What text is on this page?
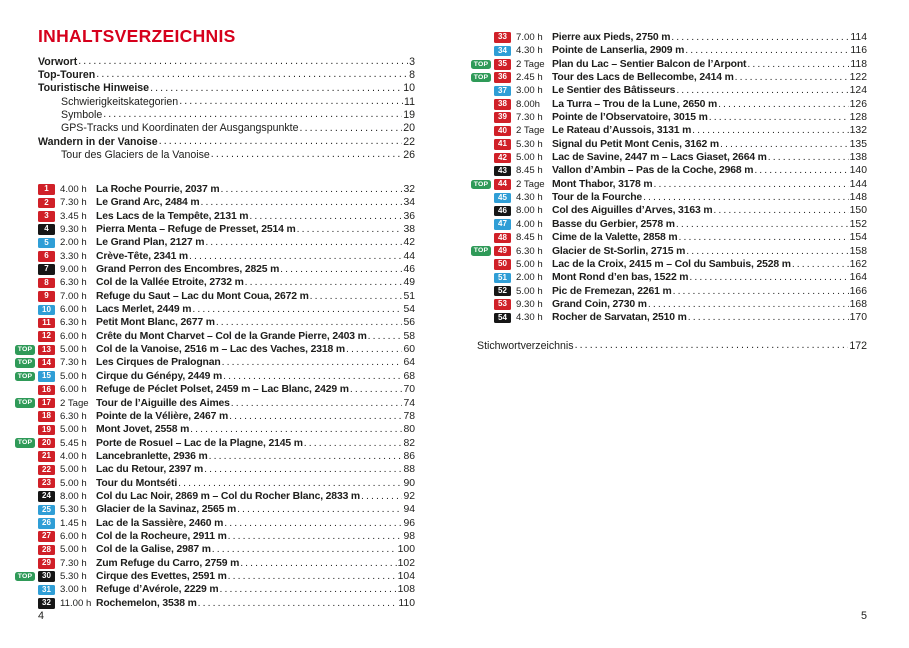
INHALTSVERZEICHNIS
Vorwort .....	3
Top-Touren .....	8
Touristische Hinweise .....	10
Schwierigkeitskategorien .....	11
Symbole .....	19
GPS-Tracks und Koordinaten der Ausgangspunkte .....	20
Wandern in der Vanoise .....	22
Tour des Glaciers de la Vanoise .....	26
1	4.00 h La Roche Pourrie, 2037 m .....	32
2	7.30 h Le Grand Arc, 2484 m .....	34
3	3.45 h Les Lacs de la Tempête, 2131 m .....	36
4	9.30 h Pierra Menta – Refuge de Presset, 2514 m .....	38
5	2.00 h Le Grand Plan, 2127 m .....	42
6	3.30 h Crève-Tête, 2341 m .....	44
7	9.00 h Grand Perron des Encombres, 2825 m .....	46
8	6.30 h Col de la Vallée Etroite, 2732 m .....	49
9	7.00 h Refuge du Saut – Lac du Mont Coua, 2672 m .....	51
10 6.00 h Lacs Merlet, 2449 m .....	54
11 6.30 h Petit Mont Blanc, 2677 m .....	56
12 6.00 h Crête du Mont Charvet – Col de la Grande Pierre, 2403 m .....	58
TOP	13 5.00 h Col de la Vanoise, 2516 m – Lac des Vaches, 2318 m .....	60
TOP	14 7.30 h Les Cirques de Pralognan .....	64
TOP	15 5.00 h Cirque du Génépy, 2449 m .....	68
16 6.00 h Refuge de Péclet Polset, 2459 m – Lac Blanc, 2429 m .....	70
TOP	17 2 Tage Tour de l’Aiguille des Aimes .....	74
18 6.30 h Pointe de la Vélière, 2467 m .....	78
19 5.00 h Mont Jovet, 2558 m .....	80
TOP	20 5.45 h Porte de Rosuel – Lac de la Plagne, 2145 m .....	82
21 4.00 h Lancebranlette, 2936 m .....	86
22 5.00 h Lac du Retour, 2397 m .....	88
23 5.00 h Tour du Montséti .....	90
24 8.00 h Col du Lac Noir, 2869 m – Col du Rocher Blanc, 2833 m .....	92
25 5.30 h Glacier de la Savinaz, 2565 m .....	94
26 1.45 h Lac de la Sassière, 2460 m .....	96
27 6.00 h Col de la Rocheure, 2911 m .....	98
28 5.00 h Col de la Galise, 2987 m .....	100
29 7.30 h Zum Refuge du Carro, 2759 m .....	102
TOP	30 5.30 h Cirque des Evettes, 2591 m .....	104
31 3.00 h Refuge d’Avérole, 2229 m .....	108
32 11.00 h Rochemelon, 3538 m .....	110
33 7.00 h Pierre aux Pieds, 2750 m .....	114
34 4.30 h Pointe de Lanserlia, 2909 m .....	116
TOP	35 2 Tage Plan du Lac – Sentier Balcon de l’Arpont .....	118
TOP	36 2.45 h Tour des Lacs de Bellecombe, 2414 m .....	122
37 3.00 h Le Sentier des Bâtisseurs .....	124
38 8.00h	La Turra – Trou de la Lune, 2650 m .....	126
39 7.30 h Pointe de l’Observatoire, 3015 m .....	128
40 2 Tage Le Rateau d’Aussois, 3131 m .....	132
41 5.30 h Signal du Petit Mont Cenis, 3162 m .....	135
42 5.00 h Lac de Savine, 2447 m – Lacs Giaset, 2664 m .....	138
43 8.45 h Vallon d’Ambin – Pas de la Coche, 2968 m .....	140
TOP	44 2 Tage Mont Thabor, 3178 m .....	144
45 4.30 h Tour de la Fourche .....	148
46 8.00 h Col des Aiguilles d’Arves, 3163 m .....	150
47 4.00 h Basse du Gerbier, 2578 m .....	152
48 8.45 h Cime de la Valette, 2858 m .....	154
TOP	49 6.30 h Glacier de St-Sorlin, 2715 m .....	158
50 5.00 h Lac de la Croix, 2415 m – Col du Sambuis, 2528 m .....	162
51 2.00 h Mont Rond d’en bas, 1522 m .....	164
52 5.00 h Pic de Fremezan, 2261 m .....	166
53 9.30 h Grand Coin, 2730 m .....	168
54 4.30 h Rocher de Sarvatan, 2510 m .....	170
Stichwortverzeichnis .....	172
4	5
